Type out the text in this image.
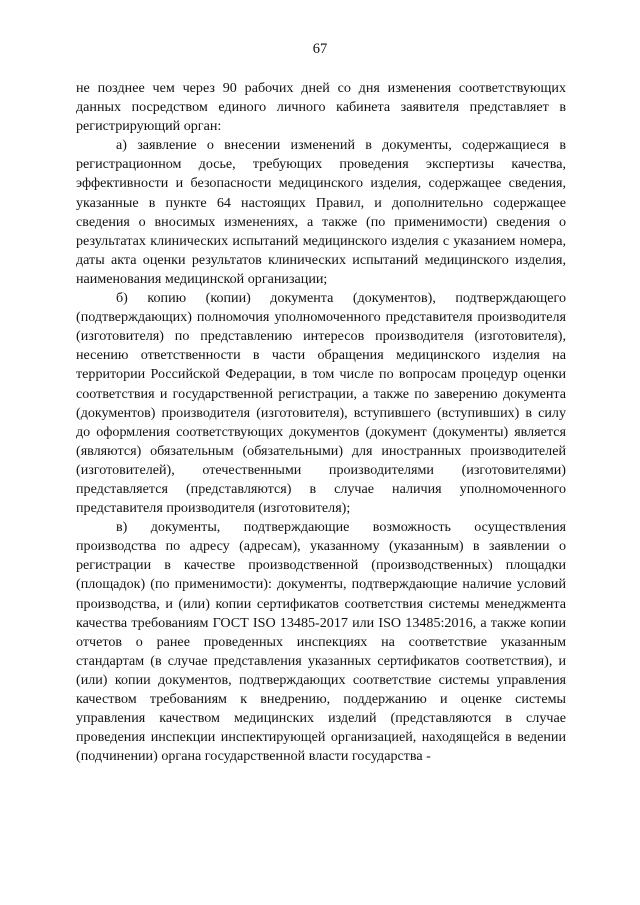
67

не позднее чем через 90 рабочих дней со дня изменения соответствующих данных посредством единого личного кабинета заявителя представляет в регистрирующий орган:

а) заявление о внесении изменений в документы, содержащиеся в регистрационном досье, требующих проведения экспертизы качества, эффективности и безопасности медицинского изделия, содержащее сведения, указанные в пункте 64 настоящих Правил, и дополнительно содержащее сведения о вносимых изменениях, а также (по применимости) сведения о результатах клинических испытаний медицинского изделия с указанием номера, даты акта оценки результатов клинических испытаний медицинского изделия, наименования медицинской организации;

б) копию (копии) документа (документов), подтверждающего (подтверждающих) полномочия уполномоченного представителя производителя (изготовителя) по представлению интересов производителя (изготовителя), несению ответственности в части обращения медицинского изделия на территории Российской Федерации, в том числе по вопросам процедур оценки соответствия и государственной регистрации, а также по заверению документа (документов) производителя (изготовителя), вступившего (вступивших) в силу до оформления соответствующих документов (документ (документы) является (являются) обязательным (обязательными) для иностранных производителей (изготовителей), отечественными производителями (изготовителями) представляется (представляются) в случае наличия уполномоченного представителя производителя (изготовителя);

в) документы, подтверждающие возможность осуществления производства по адресу (адресам), указанному (указанным) в заявлении о регистрации в качестве производственной (производственных) площадки (площадок) (по применимости): документы, подтверждающие наличие условий производства, и (или) копии сертификатов соответствия системы менеджмента качества требованиям ГОСТ ISO 13485-2017 или ISO 13485:2016, а также копии отчетов о ранее проведенных инспекциях на соответствие указанным стандартам (в случае представления указанных сертификатов соответствия), и (или) копии документов, подтверждающих соответствие системы управления качеством требованиям к внедрению, поддержанию и оценке системы управления качеством медицинских изделий (представляются в случае проведения инспекции инспектирующей организацией, находящейся в ведении (подчинении) органа государственной власти государства -
